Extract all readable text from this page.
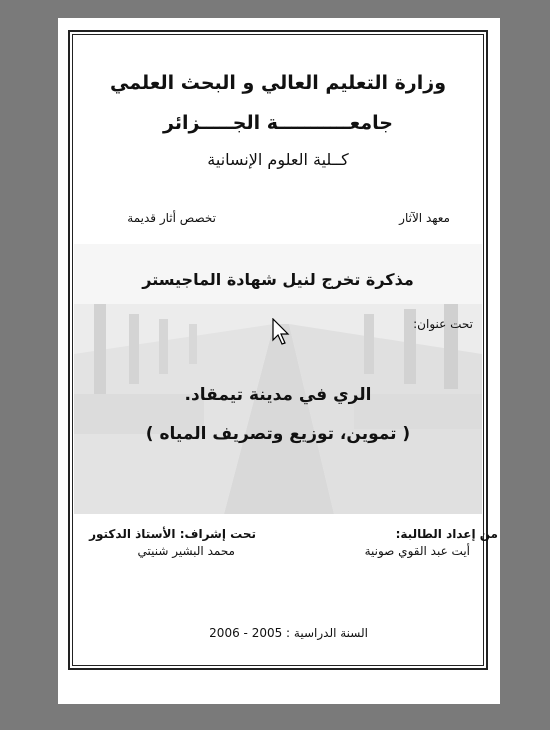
وزارة التعليم العالي و البحث العلمي
جامعـــــــــــة الجـــــزائر
كــلية العلوم الإنسانية
معهد الآثار
تخصص أثار قديمة
مذكرة تخرج لنيل شهادة الماجيستر
تحت عنوان:
الري في مدينة تيمقاد.
( تموين، توزيع وتصريف المياه )
من إعداد الطالبة:
أيت عبد القوي صونية
تحت إشراف: الأستاذ الدكتور
محمد البشير شنيتي
السنة الدراسية : 2005 - 2006
